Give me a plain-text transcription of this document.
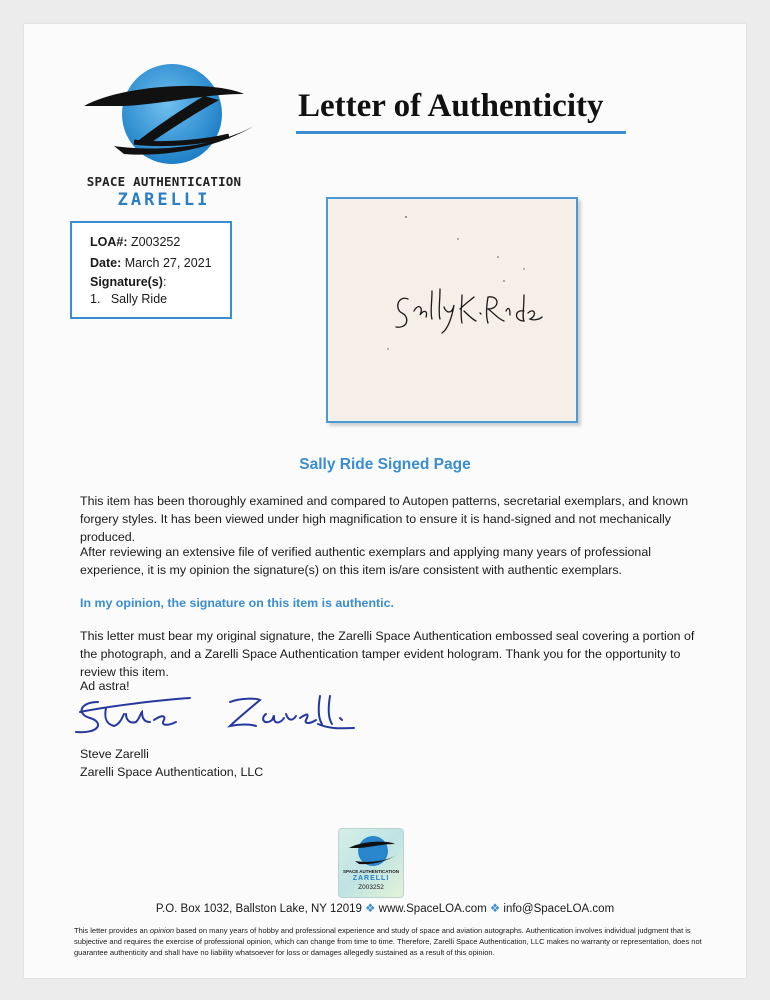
SPACE AUTHENTICATION
ZARELLI
Letter of Authenticity
LOA#: Z003252
Date: March 27, 2021
Signature(s):
1.   Sally Ride
Sally Ride Signed Page
This item has been thoroughly examined and compared to Autopen patterns, secretarial exemplars, and known forgery styles. It has been viewed under high magnification to ensure it is hand-signed and not mechanically produced.
After reviewing an extensive file of verified authentic exemplars and applying many years of professional experience, it is my opinion the signature(s) on this item is/are consistent with authentic exemplars.
In my opinion, the signature on this item is authentic.
This letter must bear my original signature, the Zarelli Space Authentication embossed seal covering a portion of the photograph, and a Zarelli Space Authentication tamper evident hologram. Thank you for the opportunity to review this item.
Ad astra!
Steve Zarelli
Zarelli Space Authentication, LLC
SPACE AUTHENTICATION
ZARELLI
Z003252
P.O. Box 1032, Ballston Lake, NY 12019 ❖ www.SpaceLOA.com ❖ info@SpaceLOA.com
This letter provides an opinion based on many years of hobby and professional experience and study of space and aviation autographs. Authentication involves individual judgment that is subjective and requires the exercise of professional opinion, which can change from time to time. Therefore, Zarelli Space Authentication, LLC makes no warranty or representation, does not guarantee authenticity and shall have no liability whatsoever for loss or damages allegedly sustained as a result of this opinion.
